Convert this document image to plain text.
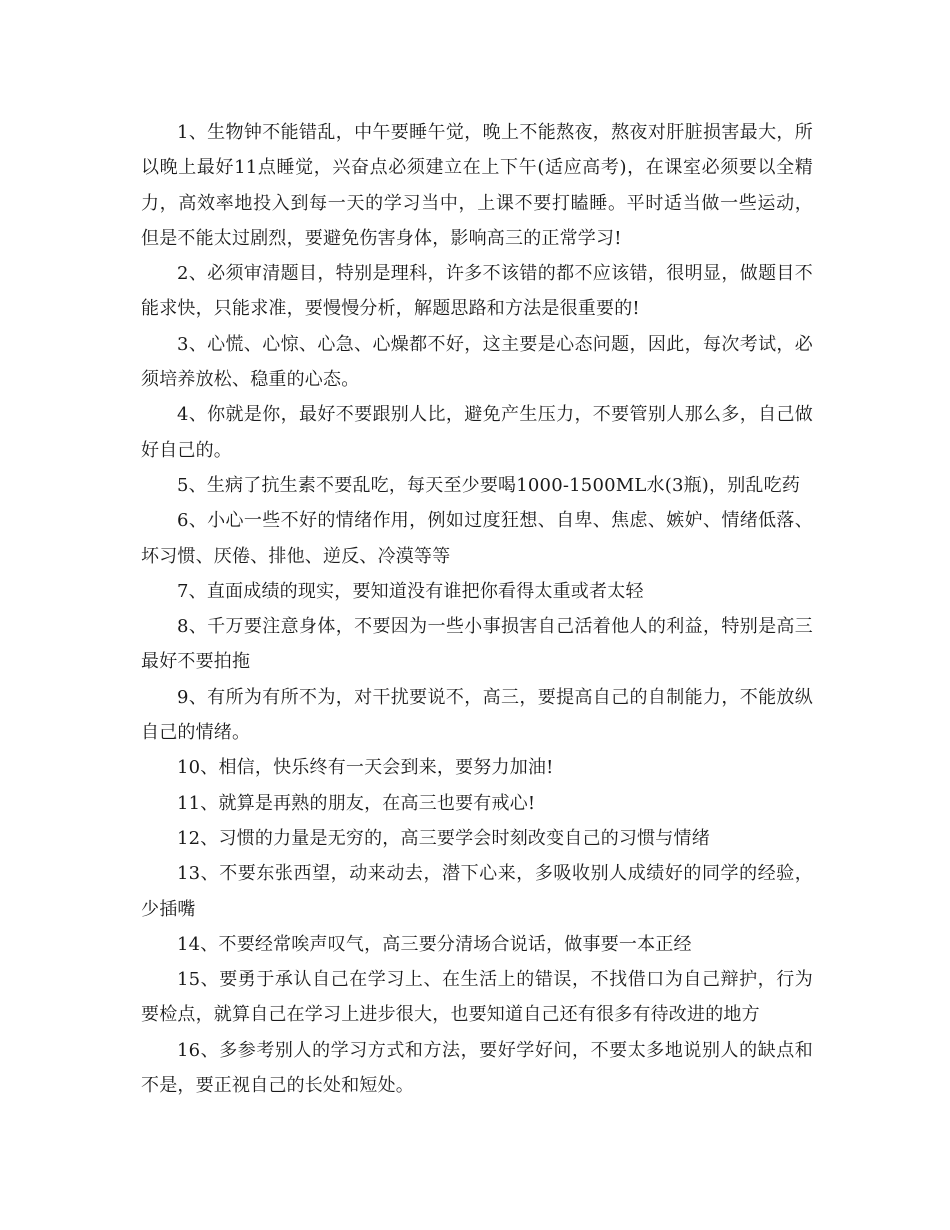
1、生物钟不能错乱，中午要睡午觉，晚上不能熬夜，熬夜对肝脏损害最大，所以晚上最好11点睡觉，兴奋点必须建立在上下午(适应高考)，在课室必须要以全精力，高效率地投入到每一天的学习当中，上课不要打瞌睡。平时适当做一些运动，但是不能太过剧烈，要避免伤害身体，影响高三的正常学习!

2、必须审清题目，特别是理科，许多不该错的都不应该错，很明显，做题目不能求快，只能求准，要慢慢分析，解题思路和方法是很重要的!

3、心慌、心惊、心急、心燥都不好，这主要是心态问题，因此，每次考试，必须培养放松、稳重的心态。

4、你就是你，最好不要跟别人比，避免产生压力，不要管别人那么多，自己做好自己的。

5、生病了抗生素不要乱吃，每天至少要喝1000-1500ML水(3瓶)，别乱吃药

6、小心一些不好的情绪作用，例如过度狂想、自卑、焦虑、嫉妒、情绪低落、坏习惯、厌倦、排他、逆反、冷漠等等

7、直面成绩的现实，要知道没有谁把你看得太重或者太轻

8、千万要注意身体，不要因为一些小事损害自己活着他人的利益，特别是高三最好不要拍拖

9、有所为有所不为，对干扰要说不，高三，要提高自己的自制能力，不能放纵自己的情绪。

10、相信，快乐终有一天会到来，要努力加油!

11、就算是再熟的朋友，在高三也要有戒心!

12、习惯的力量是无穷的，高三要学会时刻改变自己的习惯与情绪

13、不要东张西望，动来动去，潜下心来，多吸收别人成绩好的同学的经验，少插嘴

14、不要经常唉声叹气，高三要分清场合说话，做事要一本正经

15、要勇于承认自己在学习上、在生活上的错误，不找借口为自己辩护，行为要检点，就算自己在学习上进步很大，也要知道自己还有很多有待改进的地方

16、多参考别人的学习方式和方法，要好学好问，不要太多地说别人的缺点和不是，要正视自己的长处和短处。
